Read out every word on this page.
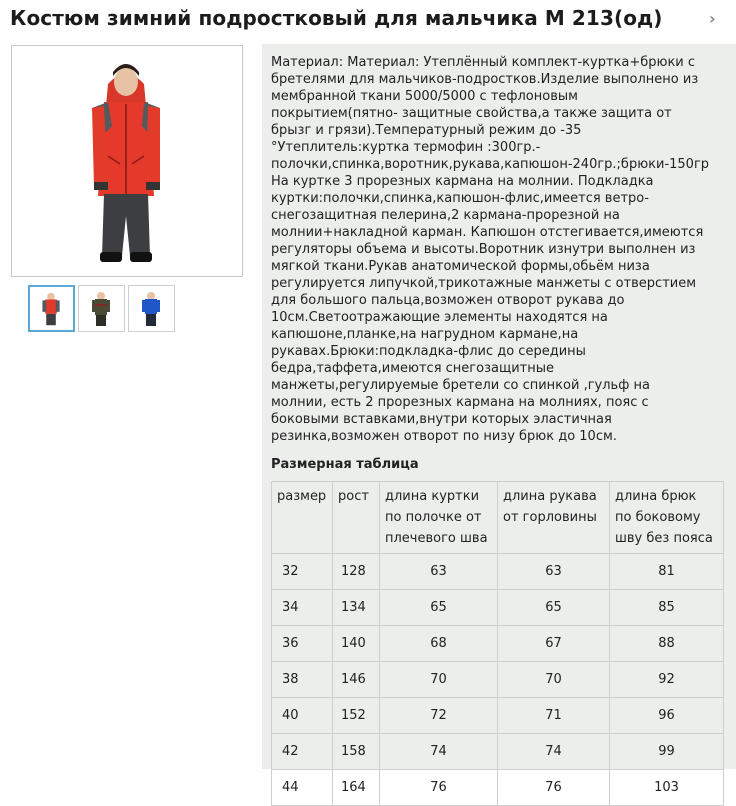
Костюм зимний подростковый для мальчика М 213(од)	›
Материал: Материал: Утеплённый комплект-куртка+брюки с
бретелями для мальчиков-подростков.Изделие выполнено из
мембранной ткани 5000/5000 с тефлоновым
покрытием(пятно- защитные свойства,а также защита от
брызг и грязи).Температурный режим до -35
°Утеплитель:куртка термофин :300гр.-
полочки,спинка,воротник,рукава,капюшон-240гр.;брюки-150гр
На куртке 3 прорезных кармана на молнии. Подкладка
куртки:полочки,спинка,капюшон-флис,имеется ветро-
снегозащитная пелерина,2 кармана-прорезной на
молнии+накладной карман. Капюшон отстегивается,имеются
регуляторы объема и высоты.Воротник изнутри выполнен из
мягкой ткани.Рукав анатомической формы,обьём низа
регулируется липучкой,трикотажные манжеты с отверстием
для большого пальца,возможен отворот рукава до
10см.Светоотражающие элементы находятся на
капюшоне,планке,на нагрудном кармане,на
рукавах.Брюки:подкладка-флис до середины
бедра,таффета,имеются снегозащитные
манжеты,регулируемые бретели со спинкой ,гульф на
молнии, есть 2 прорезных кармана на молниях, пояс с
боковыми вставками,внутри которых эластичная
резинка,возможен отворот по низу брюк до 10см.
Размерная таблица
размер	рост	длина куртки
по полочке от
плечевого шва	длина рукава
от горловины	длина брюк
по боковому
шву без пояса
32	128	63	63	81
34	134	65	65	85
36	140	68	67	88
38	146	70	70	92
40	152	72	71	96
42	158	74	74	99
44	164	76	76	103
